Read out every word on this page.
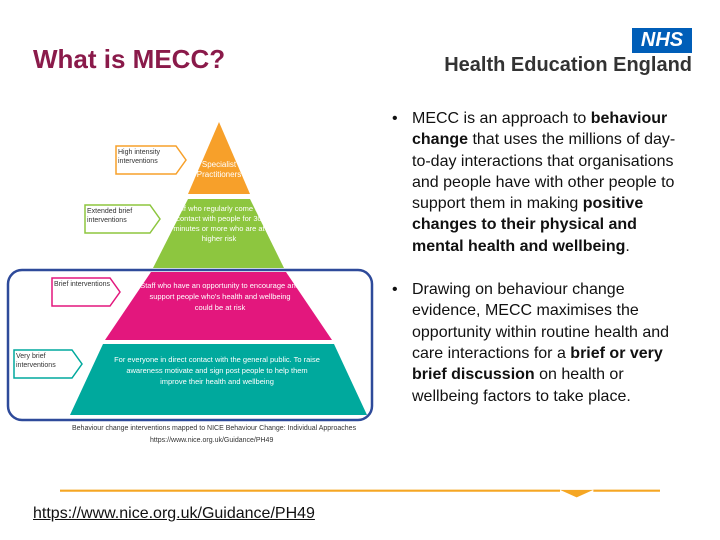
What is MECC?
NHS
Health Education England
Specialist Practitioners
Staff who regularly come into contact with people for 30 minutes or more who are at higher risk
Staff who have an opportunity to encourage and support people who's health and wellbeing could be at risk
For everyone in direct contact with the general public. To raise awareness motivate and sign post people to help them improve their health and wellbeing
High intensity interventions
Extended brief interventions
Brief interventions
Very brief interventions
Behaviour change interventions mapped to NICE Behaviour Change: Individual Approaches
https://www.nice.org.uk/Guidance/PH49
• MECC is an approach to behaviour change that uses the millions of day-to-day interactions that organisations and people have with other people to support them in making positive changes to their physical and mental health and wellbeing.
• Drawing on behaviour change evidence, MECC maximises the opportunity within routine health and care interactions for a brief or very brief discussion on health or wellbeing factors to take place.
https://www.nice.org.uk/Guidance/PH49
